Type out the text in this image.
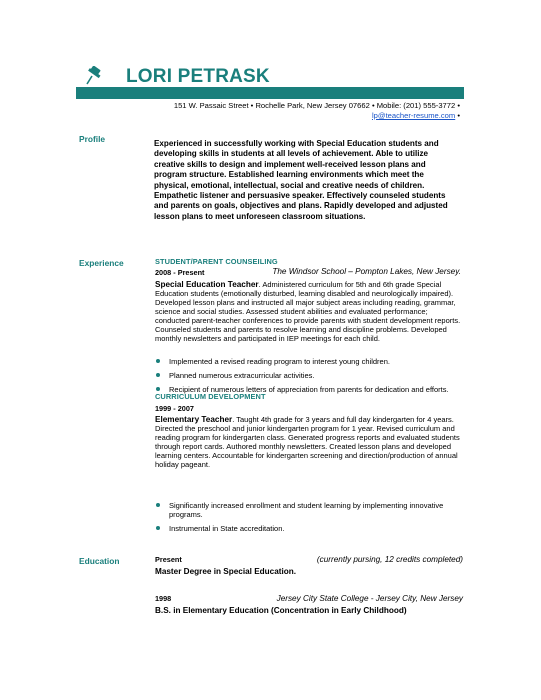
LORI PETRASK
151 W. Passaic Street • Rochelle Park, New Jersey 07662 • Mobile: (201) 555-3772 •
lp@teacher-resume.com •
Profile	Experienced in successfully working with Special Education students and developing skills in students at all levels of achievement. Able to utilize creative skills to design and implement well-received lesson plans and program structure. Established learning environments which meet the physical, emotional, intellectual, social and creative needs of children. Empathetic listener and persuasive speaker. Effectively counseled students and parents on goals, objectives and plans. Rapidly developed and adjusted lesson plans to meet unforeseen classroom situations.
Experience	STUDENT/PARENT COUNSEILING
2008 - Present	The Windsor School – Pompton Lakes, New Jersey.
Special Education Teacher. Administered curriculum for 5th and 6th grade Special Education students (emotionally disturbed, learning disabled and neurologically impaired). Developed lesson plans and instructed all major subject areas including reading, grammar, science and social studies. Assessed student abilities and evaluated performance; conducted parent-teacher conferences to provide parents with student development reports. Counseled students and parents to resolve learning and discipline problems. Developed monthly newsletters and participated in IEP meetings for each child.
Implemented a revised reading program to interest young children.
Planned numerous extracurricular activities.
Recipient of numerous letters of appreciation from parents for dedication and efforts.
CURRICULUM DEVELOPMENT
1999 - 2007
Elementary Teacher. Taught 4th grade for 3 years and full day kindergarten for 4 years. Directed the preschool and junior kindergarten program for 1 year. Revised curriculum and reading program for kindergarten class. Generated progress reports and evaluated students through report cards. Authored monthly newsletters. Created lesson plans and developed learning centers. Accountable for kindergarten screening and direction/production of annual holiday pageant.
Significantly increased enrollment and student learning by implementing innovative programs.
Instrumental in State accreditation.
Education	Present	(currently pursing, 12 credits completed)
Master Degree in Special Education.
1998	Jersey City State College - Jersey City, New Jersey
B.S. in Elementary Education (Concentration in Early Childhood)
